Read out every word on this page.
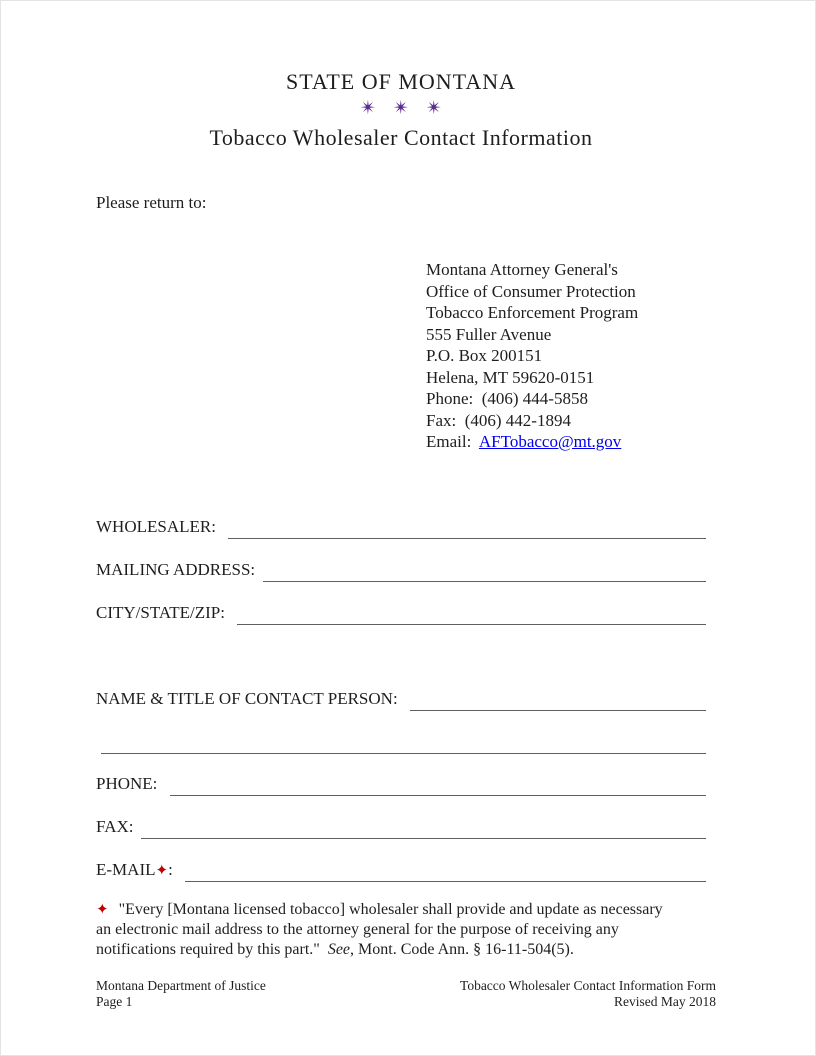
STATE OF MONTANA
✴ ✴ ✴
Tobacco Wholesaler Contact Information
Please return to:
Montana Attorney General's
Office of Consumer Protection
Tobacco Enforcement Program
555 Fuller Avenue
P.O. Box 200151
Helena, MT 59620-0151
Phone:  (406) 444-5858
Fax:  (406) 442-1894
Email:  AFTobacco@mt.gov
WHOLESALER:
MAILING ADDRESS:
CITY/STATE/ZIP:
NAME & TITLE OF CONTACT PERSON:
PHONE:
FAX:
E-MAIL✦:

✦  "Every [Montana licensed tobacco] wholesaler shall provide and update as necessary
an electronic mail address to the attorney general for the purpose of receiving any
notifications required by this part."  See, Mont. Code Ann. § 16-11-504(5).

Montana Department of Justice
Page 1
Tobacco Wholesaler Contact Information Form
Revised May 2018
